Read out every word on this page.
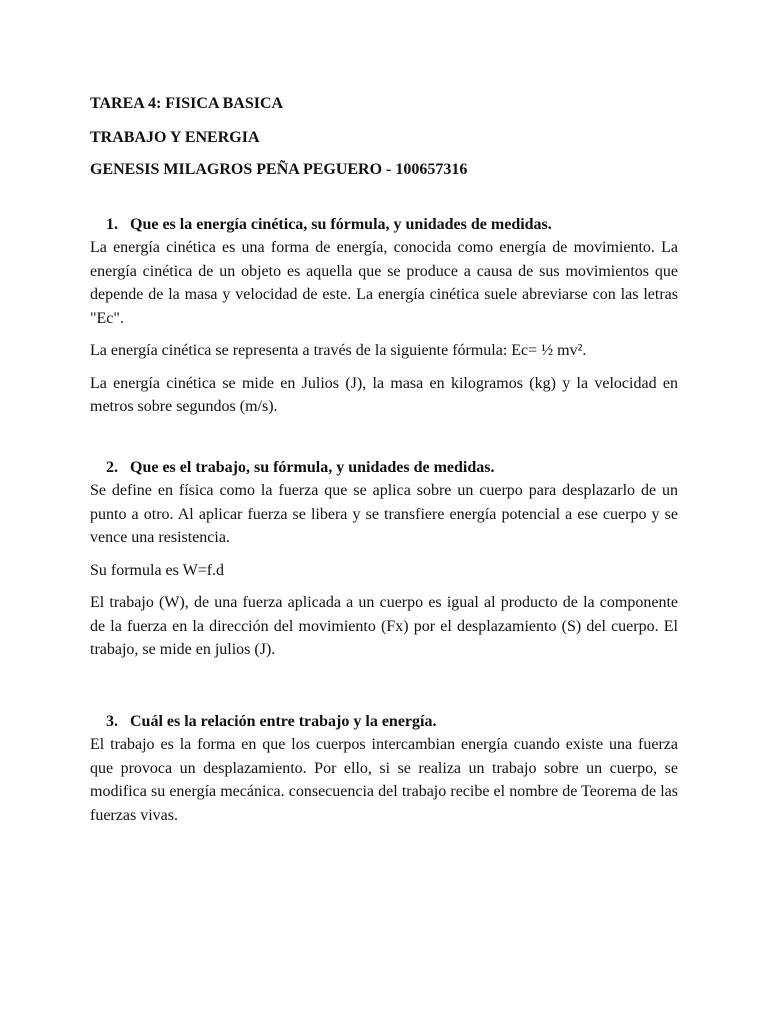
TAREA 4: FISICA BASICA
TRABAJO Y ENERGIA
GENESIS MILAGROS PEÑA PEGUERO - 100657316

1. Que es la energía cinética, su fórmula, y unidades de medidas.

La energía cinética es una forma de energía, conocida como energía de movimiento. La energía cinética de un objeto es aquella que se produce a causa de sus movimientos que depende de la masa y velocidad de este. La energía cinética suele abreviarse con las letras "Ec".

La energía cinética se representa a través de la siguiente fórmula: Ec= ½ mv².

La energía cinética se mide en Julios (J), la masa en kilogramos (kg) y la velocidad en metros sobre segundos (m/s).

2. Que es el trabajo, su fórmula, y unidades de medidas.

Se define en física como la fuerza que se aplica sobre un cuerpo para desplazarlo de un punto a otro. Al aplicar fuerza se libera y se transfiere energía potencial a ese cuerpo y se vence una resistencia.

Su formula es W=f.d

El trabajo (W), de una fuerza aplicada a un cuerpo es igual al producto de la componente de la fuerza en la dirección del movimiento (Fx) por el desplazamiento (S) del cuerpo. El trabajo, se mide en julios (J).

3. Cuál es la relación entre trabajo y la energía.

El trabajo es la forma en que los cuerpos intercambian energía cuando existe una fuerza que provoca un desplazamiento. Por ello, si se realiza un trabajo sobre un cuerpo, se modifica su energía mecánica. consecuencia del trabajo recibe el nombre de Teorema de las fuerzas vivas.
